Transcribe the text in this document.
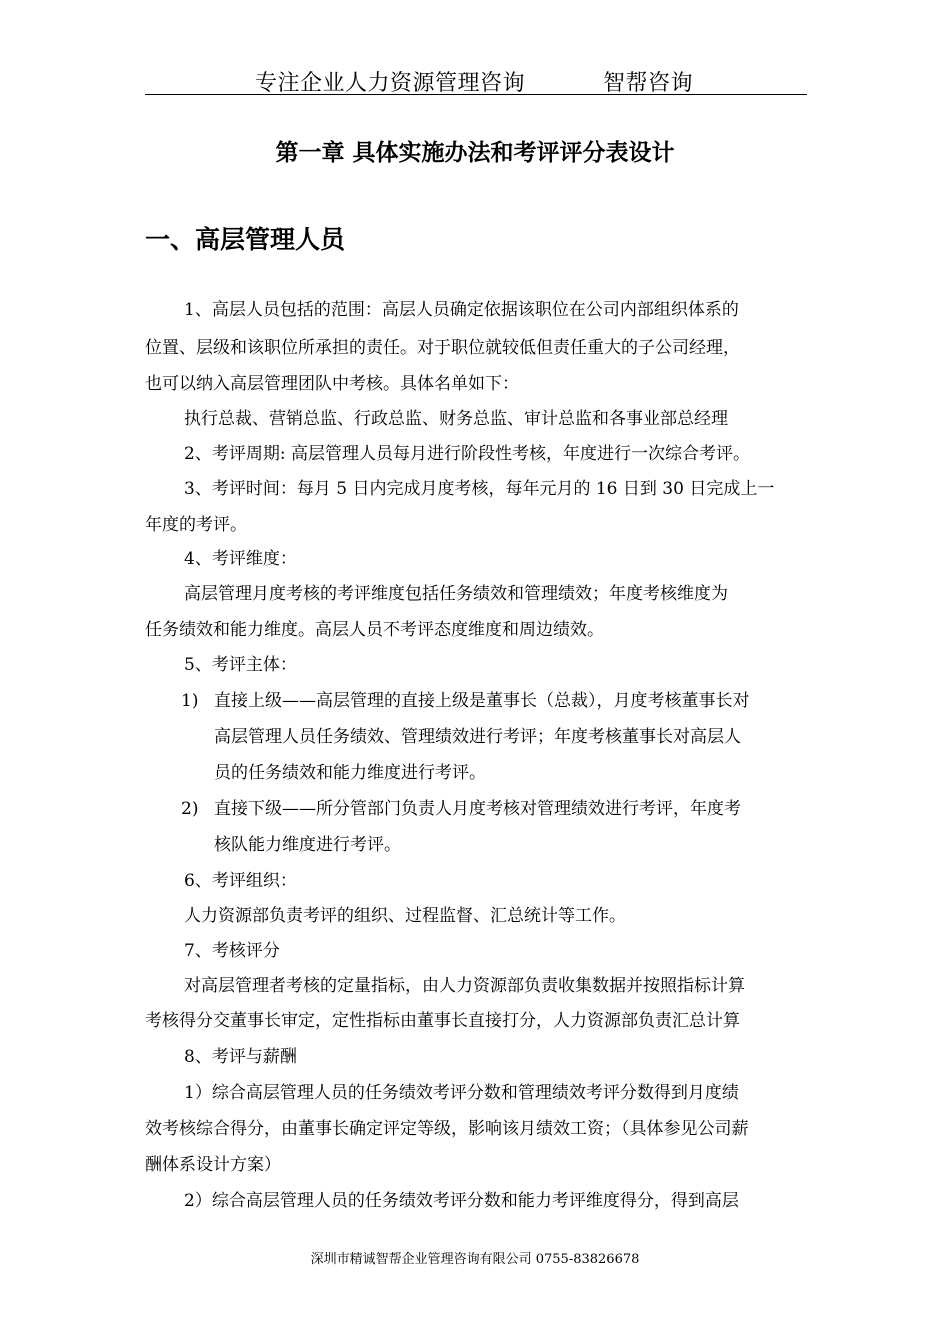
专注企业人力资源管理咨询	智帮咨询
第一章 具体实施办法和考评评分表设计
一、高层管理人员
1、高层人员包括的范围：高层人员确定依据该职位在公司内部组织体系的
位置、层级和该职位所承担的责任。对于职位就较低但责任重大的子公司经理，
也可以纳入高层管理团队中考核。具体名单如下：
执行总裁、营销总监、行政总监、财务总监、审计总监和各事业部总经理
2、考评周期: 高层管理人员每月进行阶段性考核，年度进行一次综合考评。
3、考评时间：每月 5 日内完成月度考核，每年元月的 16 日到 30 日完成上一
年度的考评。
4、考评维度：
高层管理月度考核的考评维度包括任务绩效和管理绩效；年度考核维度为
任务绩效和能力维度。高层人员不考评态度维度和周边绩效。
5、考评主体：
1) 直接上级——高层管理的直接上级是董事长（总裁），月度考核董事长对
高层管理人员任务绩效、管理绩效进行考评；年度考核董事长对高层人
员的任务绩效和能力维度进行考评。
2) 直接下级——所分管部门负责人月度考核对管理绩效进行考评，年度考
核队能力维度进行考评。
6、考评组织：
人力资源部负责考评的组织、过程监督、汇总统计等工作。
7、考核评分
对高层管理者考核的定量指标，由人力资源部负责收集数据并按照指标计算
考核得分交董事长审定，定性指标由董事长直接打分，人力资源部负责汇总计算
8、考评与薪酬
1）综合高层管理人员的任务绩效考评分数和管理绩效考评分数得到月度绩
效考核综合得分，由董事长确定评定等级，影响该月绩效工资；（具体参见公司薪
酬体系设计方案）
2）综合高层管理人员的任务绩效考评分数和能力考评维度得分，得到高层
深圳市精诚智帮企业管理咨询有限公司 0755-83826678
